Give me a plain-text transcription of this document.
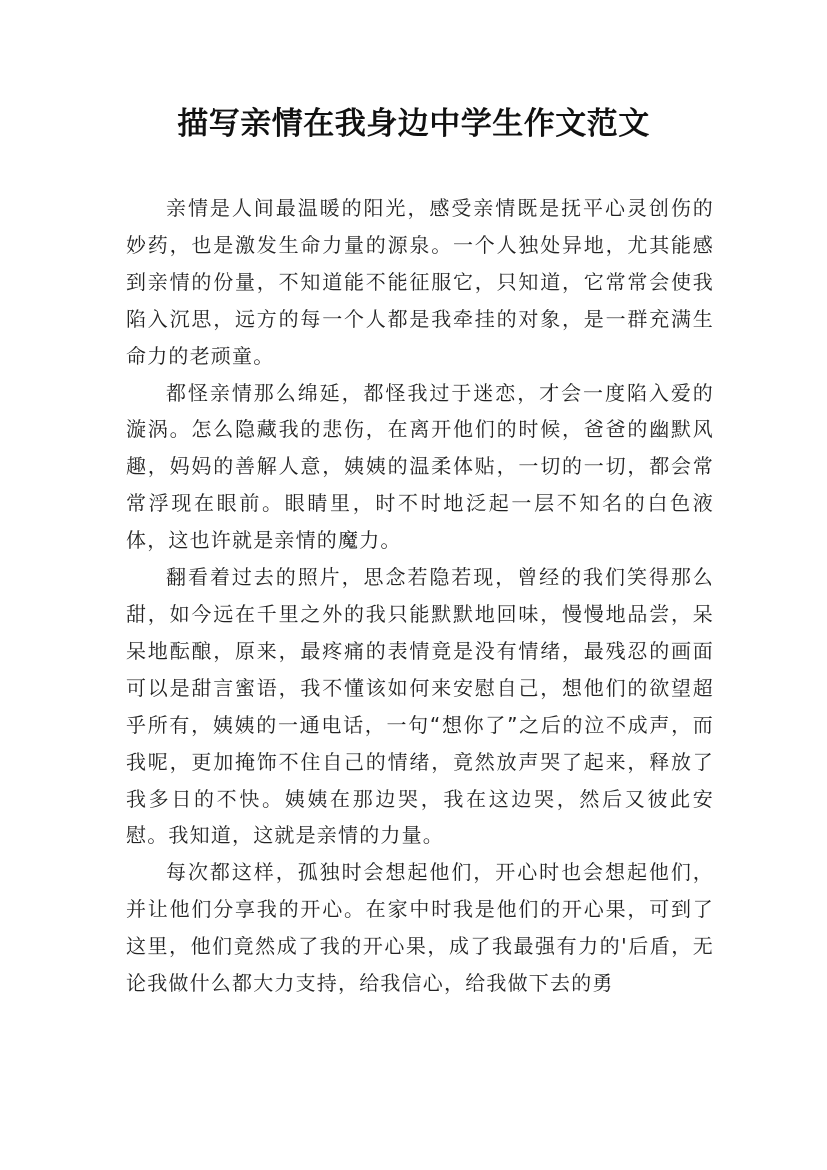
描写亲情在我身边中学生作文范文

亲情是人间最温暖的阳光，感受亲情既是抚平心灵创伤的妙药，也是激发生命力量的源泉。一个人独处异地，尤其能感到亲情的份量，不知道能不能征服它，只知道，它常常会使我陷入沉思，远方的每一个人都是我牵挂的对象，是一群充满生命力的老顽童。

都怪亲情那么绵延，都怪我过于迷恋，才会一度陷入爱的漩涡。怎么隐藏我的悲伤，在离开他们的时候，爸爸的幽默风趣，妈妈的善解人意，姨姨的温柔体贴，一切的一切，都会常常浮现在眼前。眼睛里，时不时地泛起一层不知名的白色液体，这也许就是亲情的魔力。

翻看着过去的照片，思念若隐若现，曾经的我们笑得那么甜，如今远在千里之外的我只能默默地回味，慢慢地品尝，呆呆地酝酿，原来，最疼痛的表情竟是没有情绪，最残忍的画面可以是甜言蜜语，我不懂该如何来安慰自己，想他们的欲望超乎所有，姨姨的一通电话，一句“想你了”之后的泣不成声，而我呢，更加掩饰不住自己的情绪，竟然放声哭了起来，释放了我多日的不快。姨姨在那边哭，我在这边哭，然后又彼此安慰。我知道，这就是亲情的力量。

每次都这样，孤独时会想起他们，开心时也会想起他们，并让他们分享我的开心。在家中时我是他们的开心果，可到了这里，他们竟然成了我的开心果，成了我最强有力的'后盾，无论我做什么都大力支持，给我信心，给我做下去的勇
